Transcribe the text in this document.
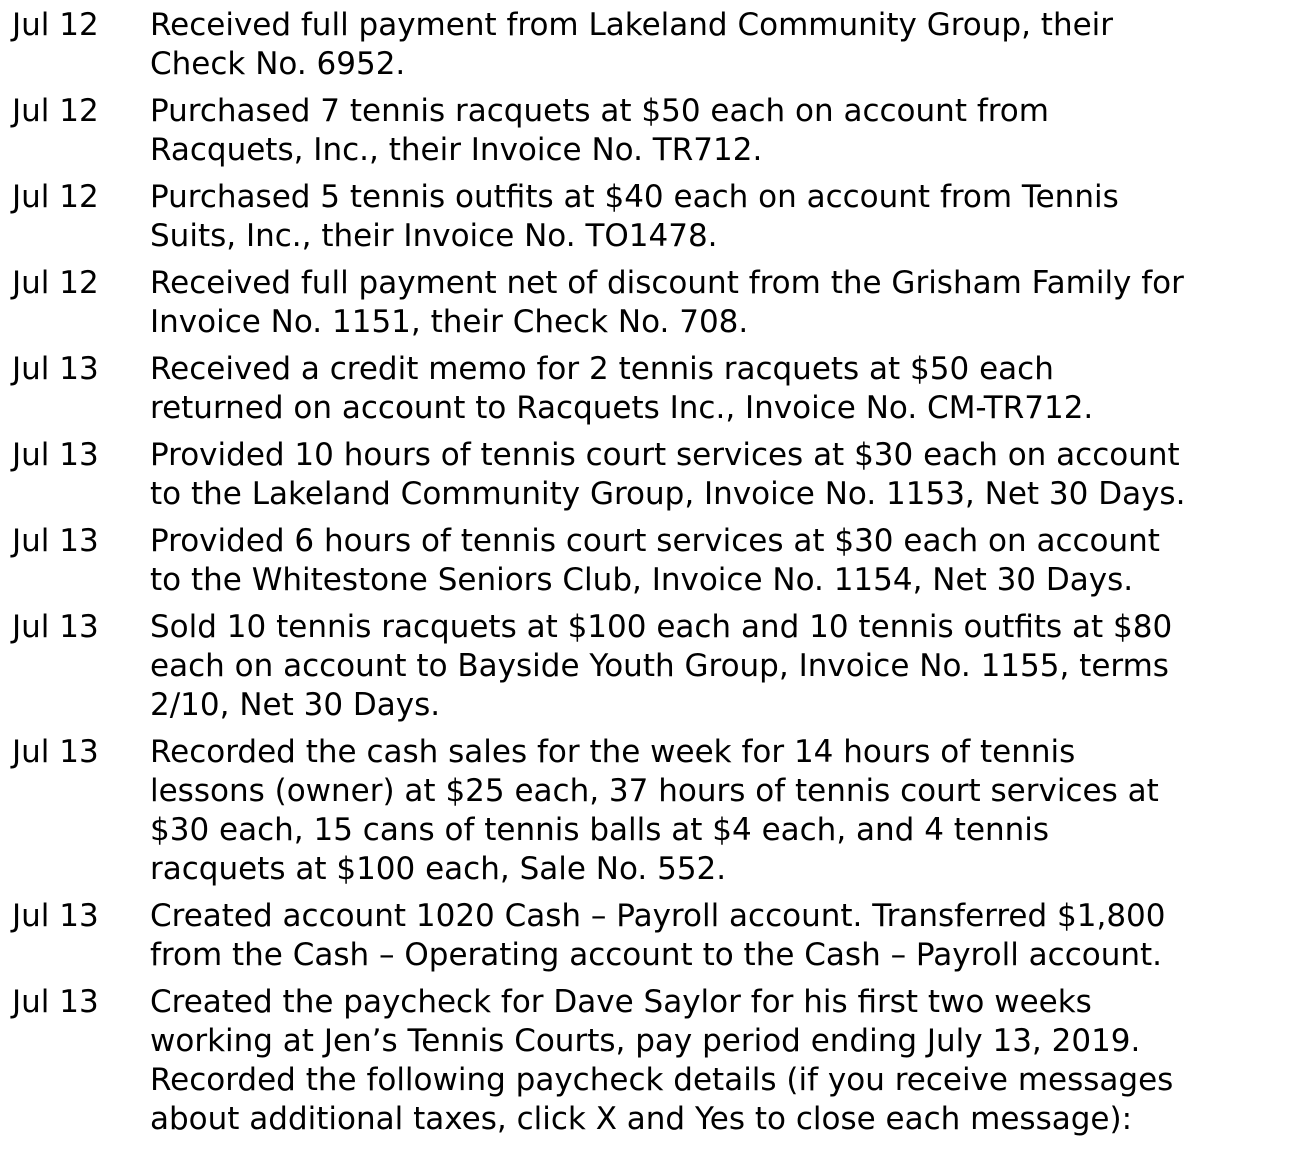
Jul 12	Received full payment from Lakeland Community Group, their
Check No. 6952.
Jul 12	Purchased 7 tennis racquets at $50 each on account from
Racquets, Inc., their Invoice No. TR712.
Jul 12	Purchased 5 tennis outfits at $40 each on account from Tennis
Suits, Inc., their Invoice No. TO1478.
Jul 12	Received full payment net of discount from the Grisham Family for
Invoice No. 1151, their Check No. 708.
Jul 13	Received a credit memo for 2 tennis racquets at $50 each
returned on account to Racquets Inc., Invoice No. CM-TR712.
Jul 13	Provided 10 hours of tennis court services at $30 each on account
to the Lakeland Community Group, Invoice No. 1153, Net 30 Days.
Jul 13	Provided 6 hours of tennis court services at $30 each on account
to the Whitestone Seniors Club, Invoice No. 1154, Net 30 Days.
Jul 13	Sold 10 tennis racquets at $100 each and 10 tennis outfits at $80
each on account to Bayside Youth Group, Invoice No. 1155, terms
2/10, Net 30 Days.
Jul 13	Recorded the cash sales for the week for 14 hours of tennis
lessons (owner) at $25 each, 37 hours of tennis court services at
$30 each, 15 cans of tennis balls at $4 each, and 4 tennis
racquets at $100 each, Sale No. 552.
Jul 13	Created account 1020 Cash – Payroll account. Transferred $1,800
from the Cash – Operating account to the Cash – Payroll account.
Jul 13	Created the paycheck for Dave Saylor for his first two weeks
working at Jen’s Tennis Courts, pay period ending July 13, 2019.
Recorded the following paycheck details (if you receive messages
about additional taxes, click X and Yes to close each message):
